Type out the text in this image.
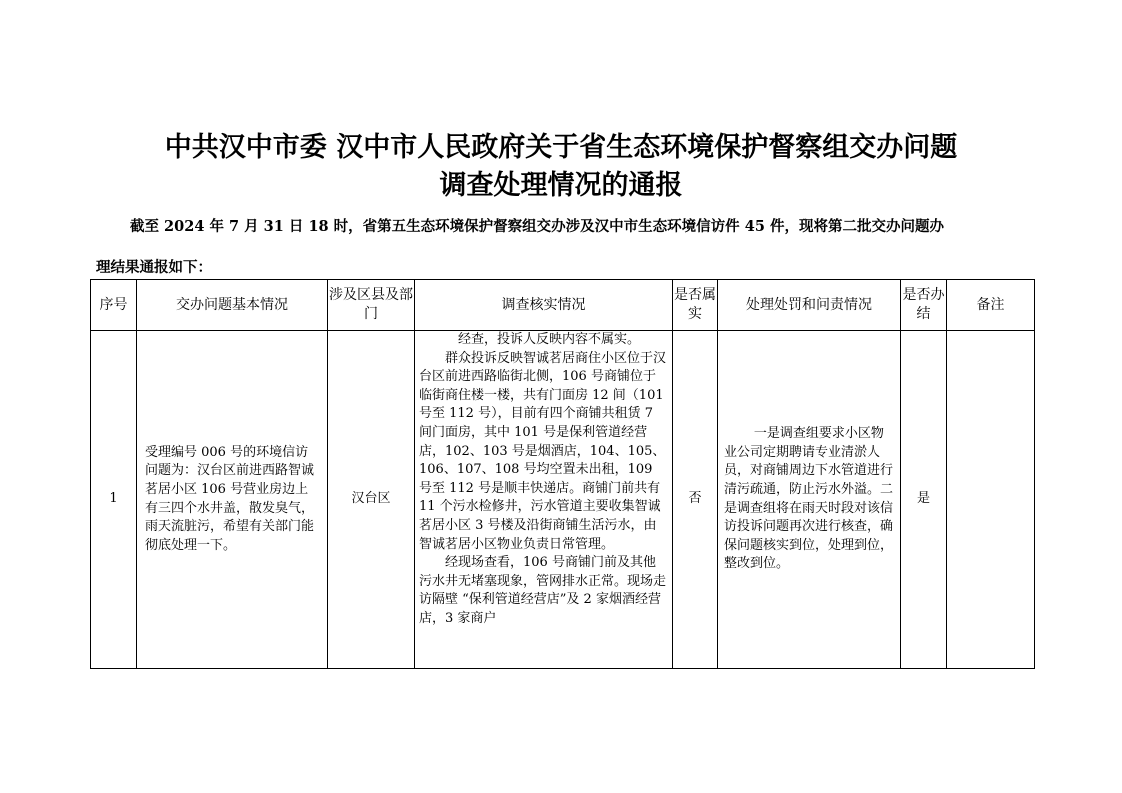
中共汉中市委 汉中市人民政府关于省生态环境保护督察组交办问题
调查处理情况的通报
截至 2024 年 7 月 31 日 18 时，省第五生态环境保护督察组交办涉及汉中市生态环境信访件 45 件，现将第二批交办问题办
理结果通报如下：
序号	交办问题基本情况	涉及区县及部门	调查核实情况	是否属实	处理处罚和问责情况	是否办结	备注
1	受理编号 006 号的环境信访问题为：汉台区前进西路智诚茗居小区 106 号营业房边上有三四个水井盖，散发臭气，雨天流脏污，希望有关部门能彻底处理一下。	汉台区	经查，投诉人反映内容不属实。

群众投诉反映智诚茗居商住小区位于汉台区前进西路临街北侧，106 号商铺位于临街商住楼一楼，共有门面房 12 间（101 号至 112 号），目前有四个商铺共租赁 7 间门面房，其中 101 号是保利管道经营店，102、103 号是烟酒店，104、105、106、107、108 号均空置未出租，109 号至 112 号是顺丰快递店。商铺门前共有 11 个污水检修井，污水管道主要收集智诚茗居小区 3 号楼及沿街商铺生活污水，由智诚茗居小区物业负责日常管理。

经现场查看，106 号商铺门前及其他污水井无堵塞现象，管网排水正常。现场走访隔壁 “保利管道经营店”及 2 家烟酒经营店，3 家商户	否	一是调查组要求小区物业公司定期聘请专业清淤人员，对商铺周边下水管道进行清污疏通，防止污水外溢。二是调查组将在雨天时段对该信访投诉问题再次进行核查，确保问题核实到位，处理到位，整改到位。	是	
